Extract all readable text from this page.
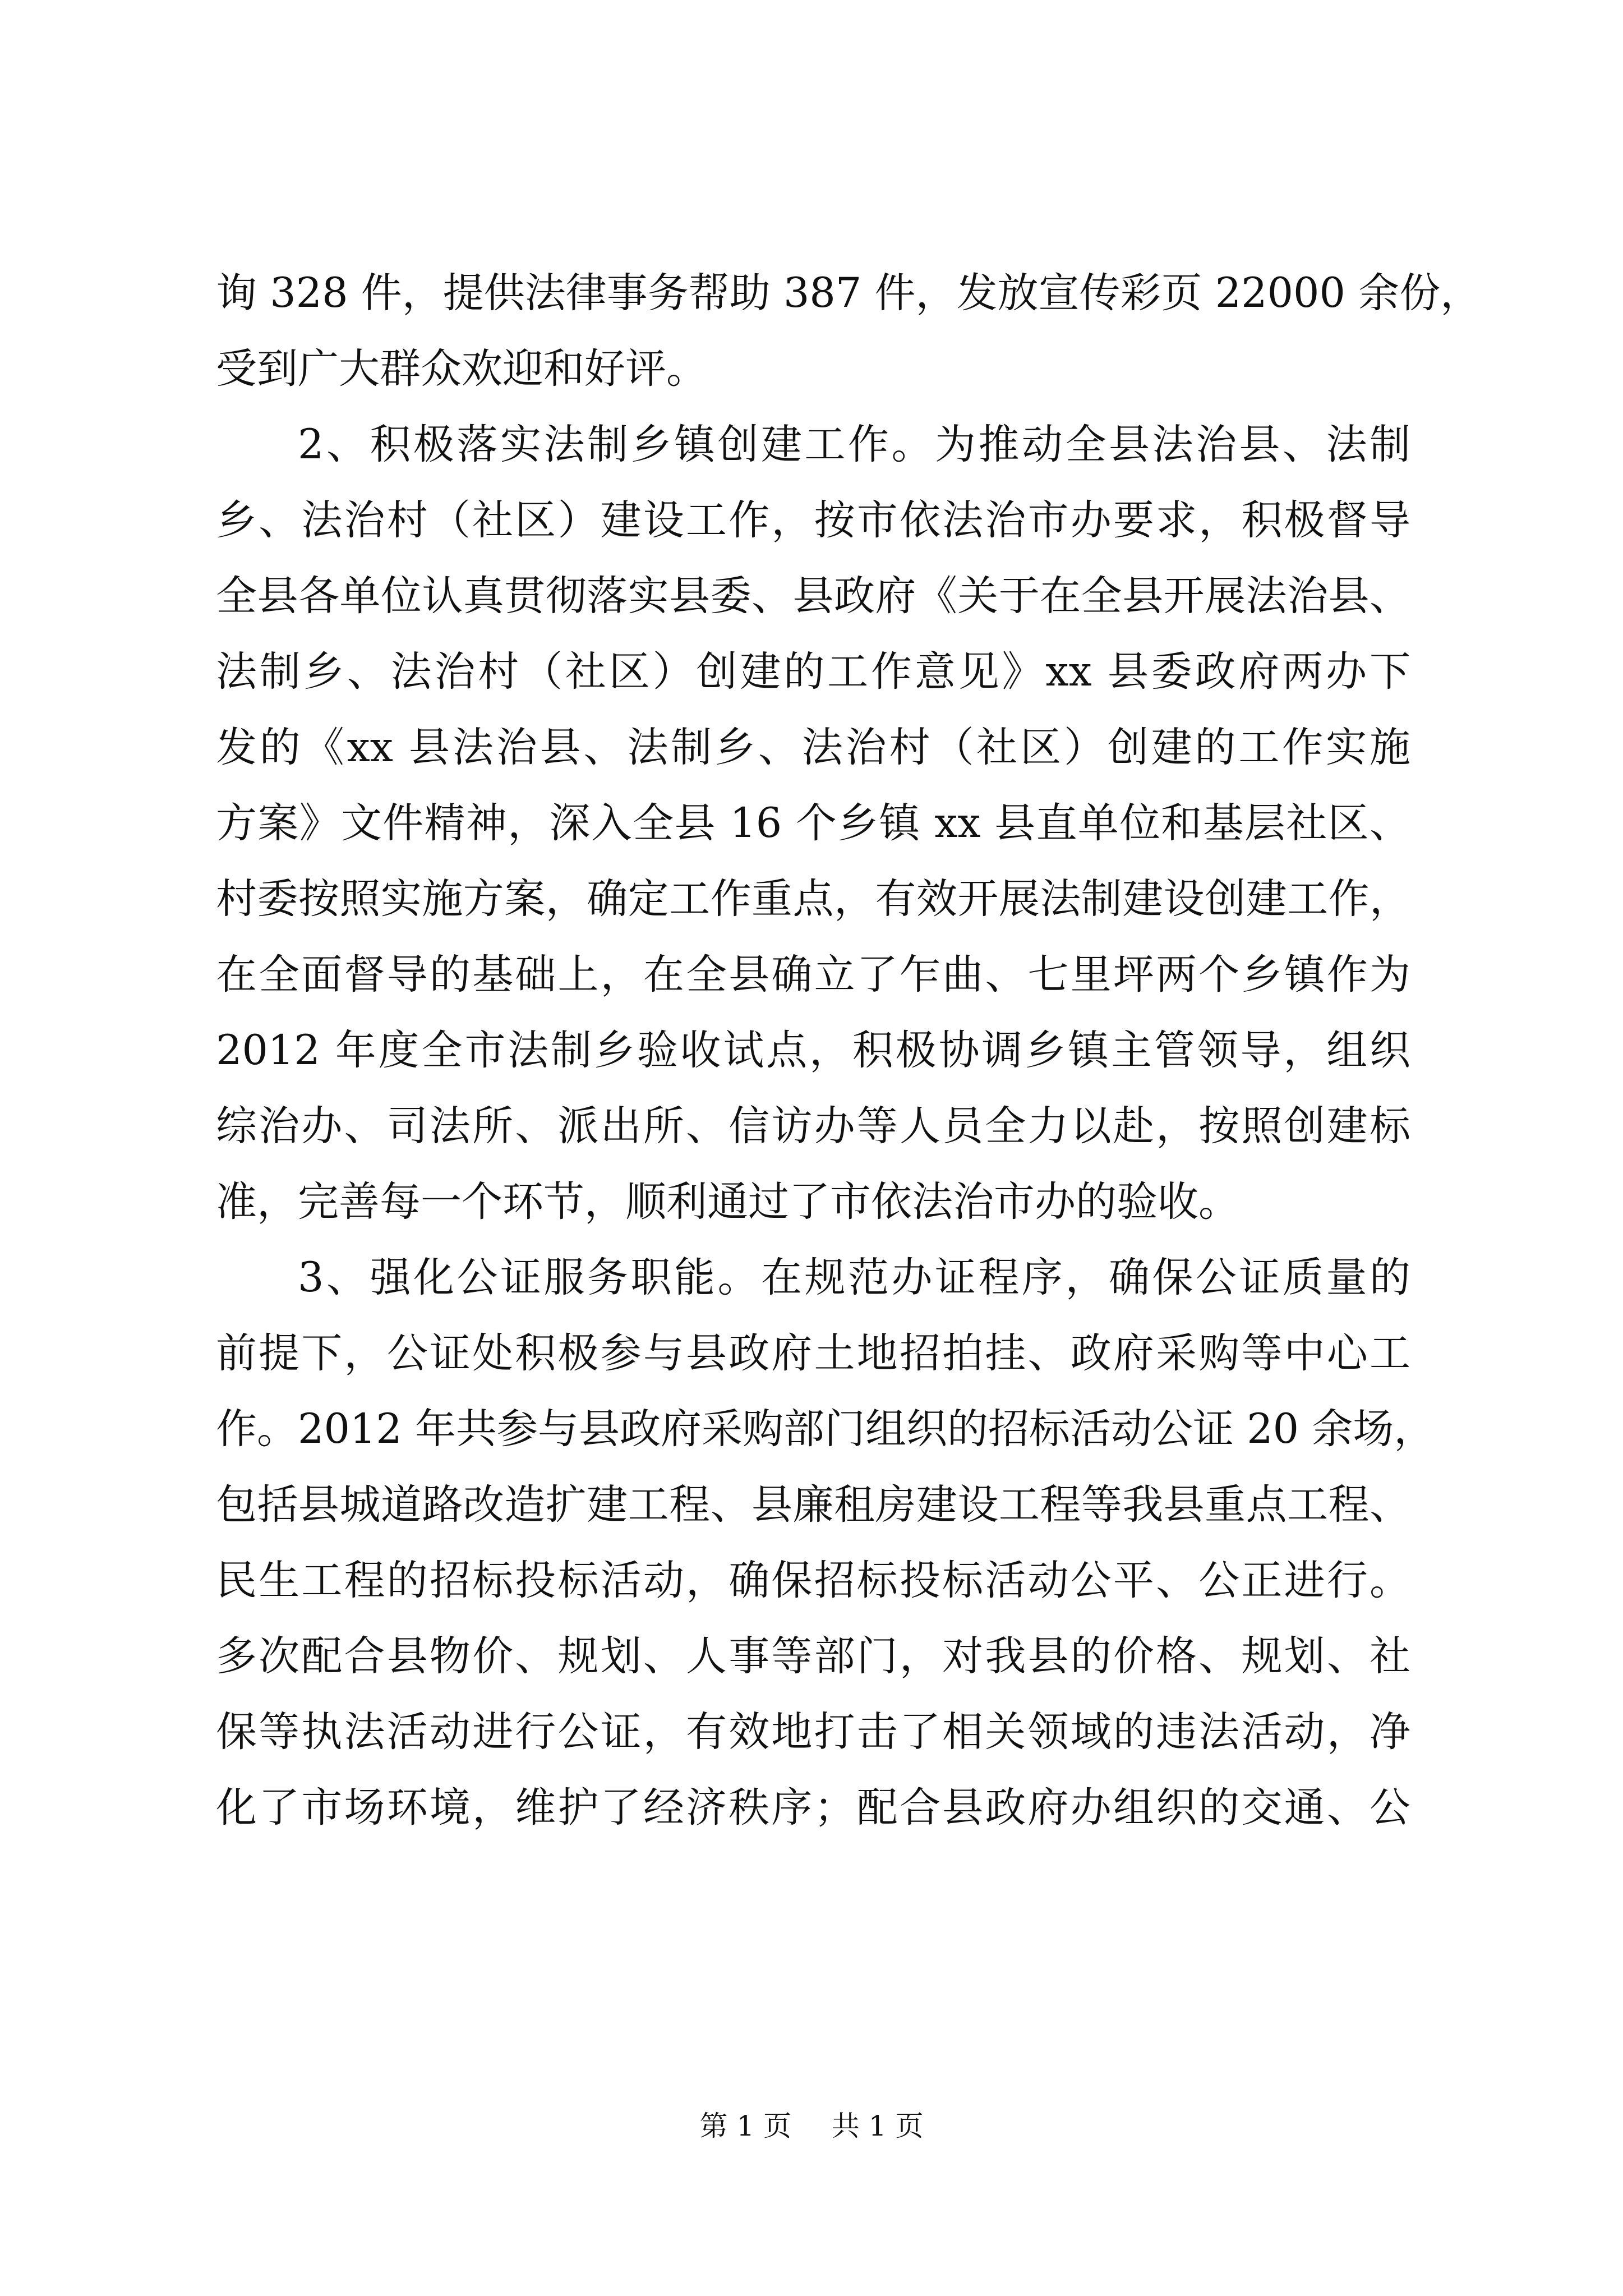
询 328 件，提供法律事务帮助 387 件，发放宣传彩页 22000 余份，
受到广大群众欢迎和好评。
2、积极落实法制乡镇创建工作。为推动全县法治县、法制
乡、法治村（社区）建设工作，按市依法治市办要求，积极督导
全县各单位认真贯彻落实县委、县政府《关于在全县开展法治县、
法制乡、法治村（社区）创建的工作意见》xx 县委政府两办下
发的《xx 县法治县、法制乡、法治村（社区）创建的工作实施
方案》文件精神，深入全县 16 个乡镇 xx 县直单位和基层社区、
村委按照实施方案，确定工作重点，有效开展法制建设创建工作，
在全面督导的基础上，在全县确立了乍曲、七里坪两个乡镇作为
2012 年度全市法制乡验收试点，积极协调乡镇主管领导，组织
综治办、司法所、派出所、信访办等人员全力以赴，按照创建标
准，完善每一个环节，顺利通过了市依法治市办的验收。
3、强化公证服务职能。在规范办证程序，确保公证质量的
前提下，公证处积极参与县政府土地招拍挂、政府采购等中心工
作。2012 年共参与县政府采购部门组织的招标活动公证 20 余场，
包括县城道路改造扩建工程、县廉租房建设工程等我县重点工程、
民生工程的招标投标活动，确保招标投标活动公平、公正进行。
多次配合县物价、规划、人事等部门，对我县的价格、规划、社
保等执法活动进行公证，有效地打击了相关领域的违法活动，净
化了市场环境，维护了经济秩序；配合县政府办组织的交通、公
第 1 页 共 1 页
